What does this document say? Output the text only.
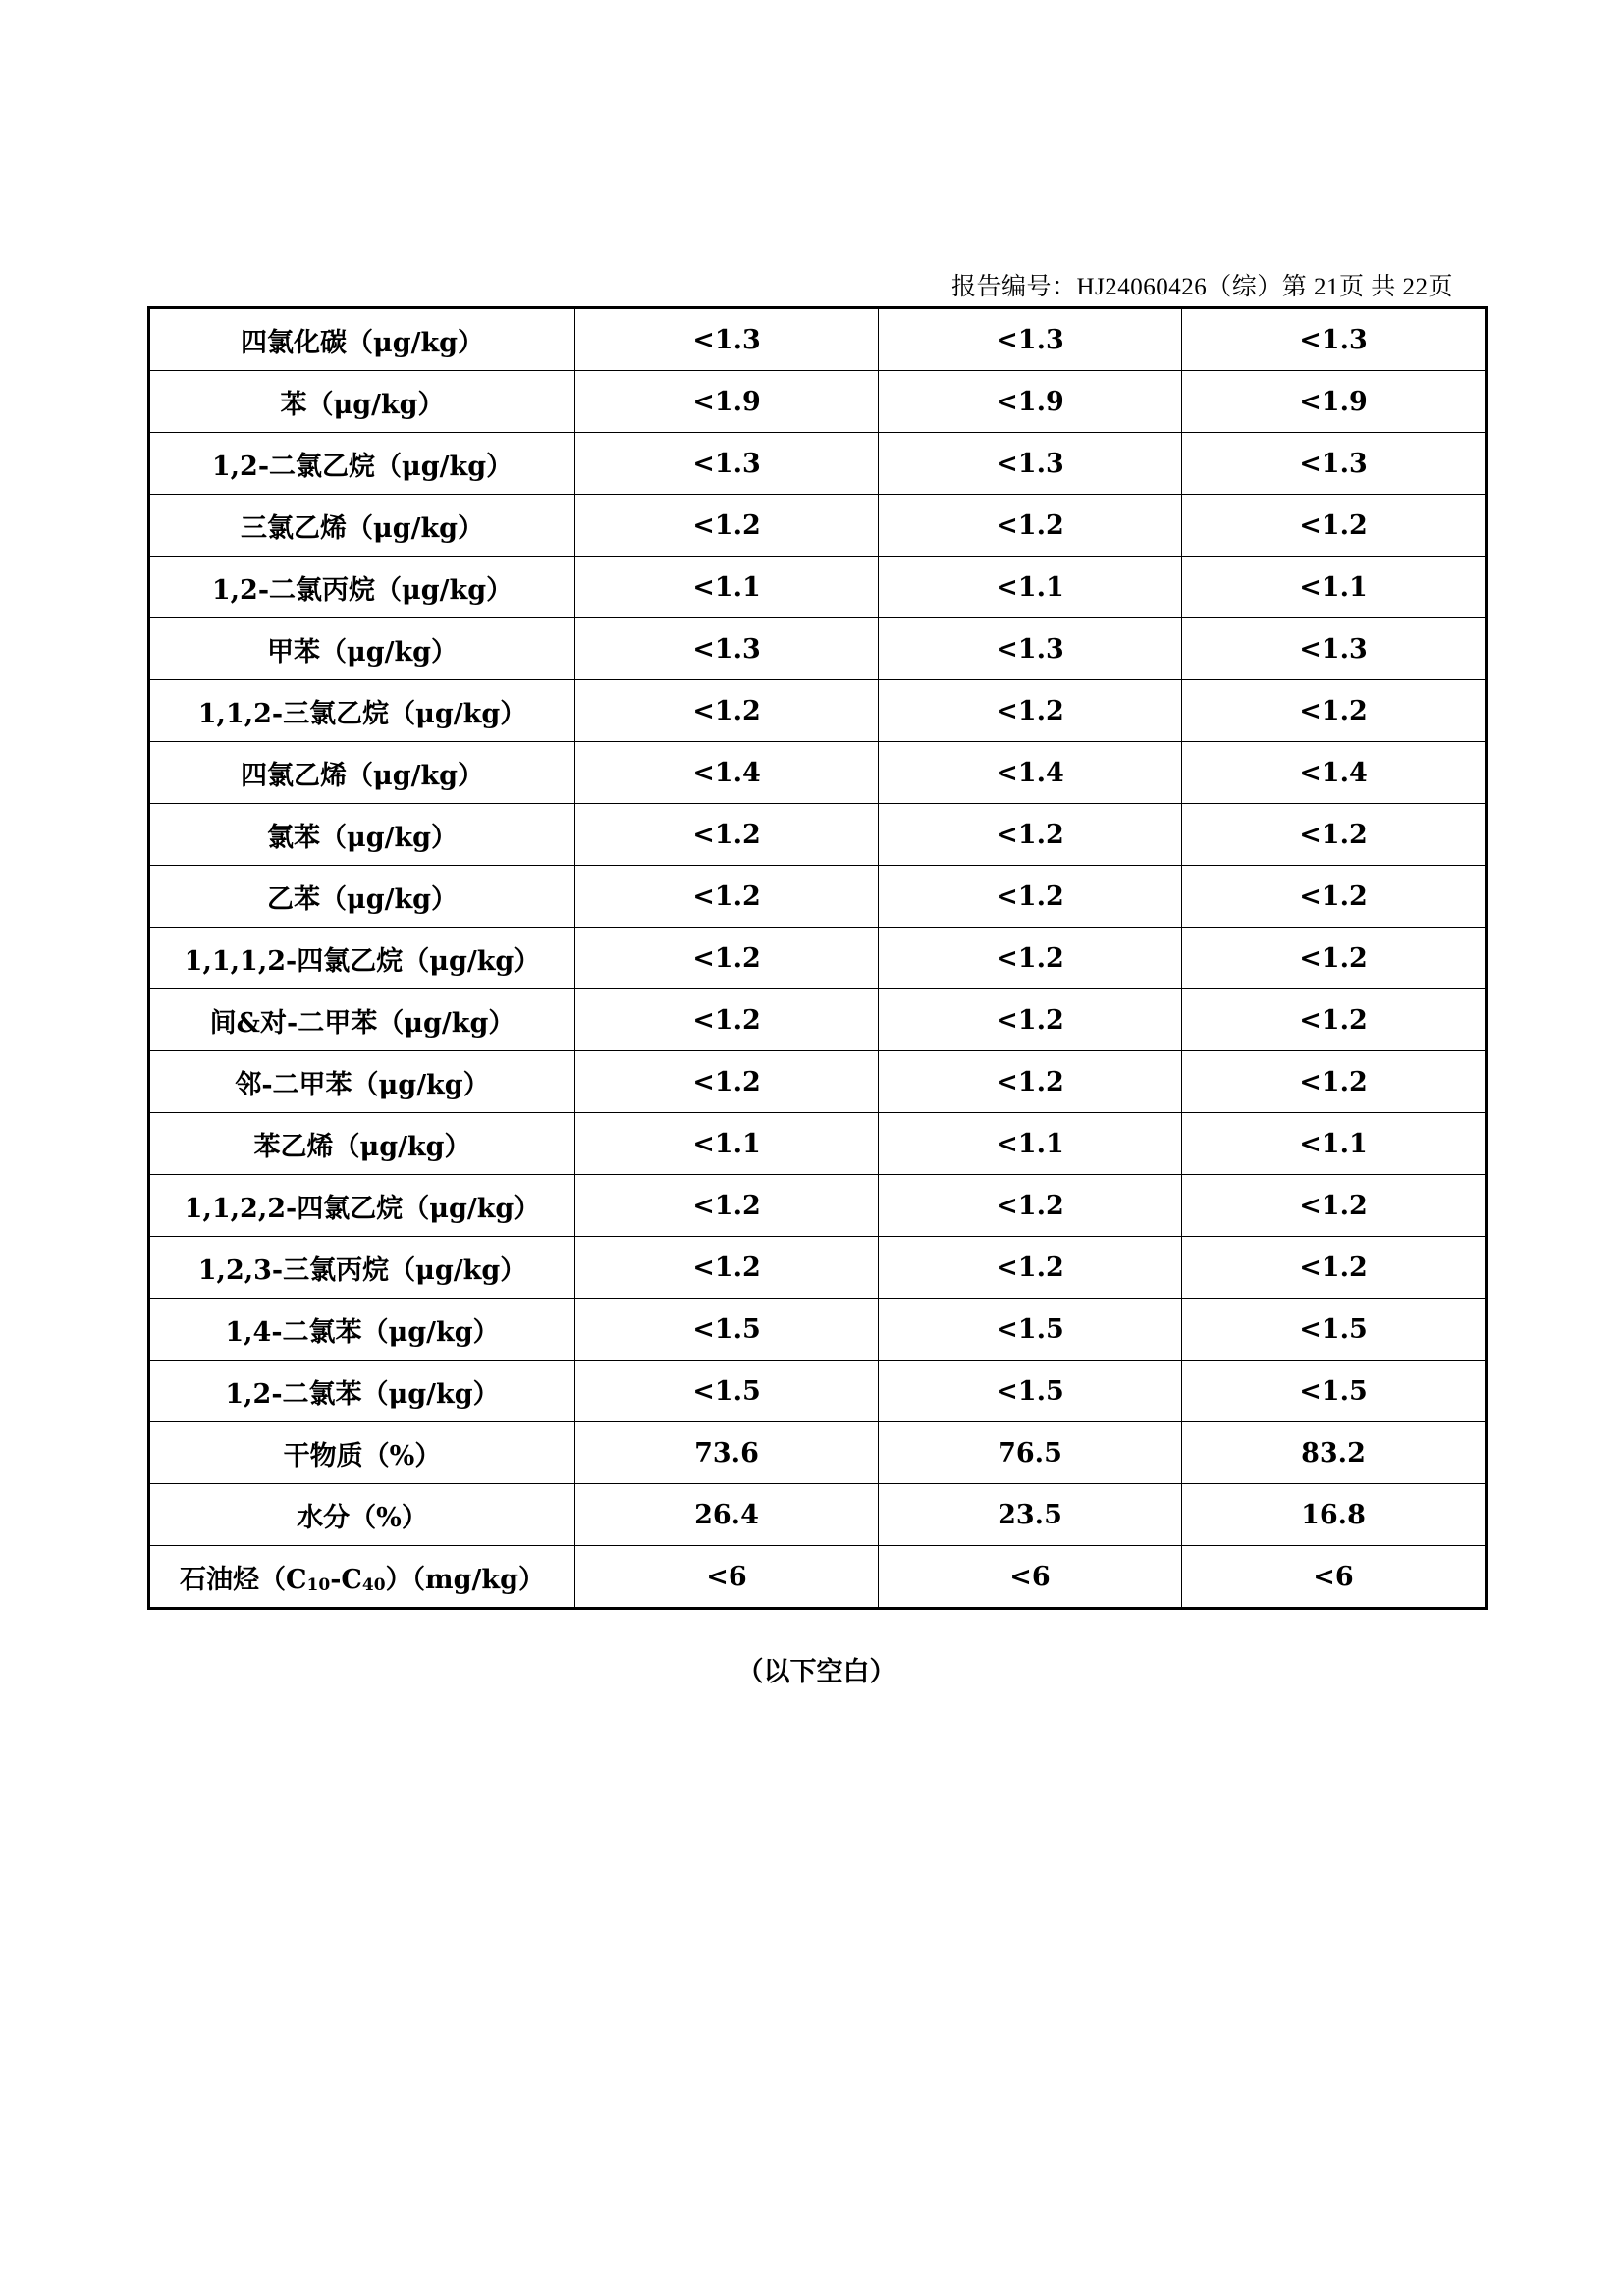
报告编号：HJ24060426（综）第 21页 共 22页
四氯化碳（μg/kg）	<1.3	<1.3	<1.3
苯（μg/kg）	<1.9	<1.9	<1.9
1,2-二氯乙烷（μg/kg）	<1.3	<1.3	<1.3
三氯乙烯（μg/kg）	<1.2	<1.2	<1.2
1,2-二氯丙烷（μg/kg）	<1.1	<1.1	<1.1
甲苯（μg/kg）	<1.3	<1.3	<1.3
1,1,2-三氯乙烷（μg/kg）	<1.2	<1.2	<1.2
四氯乙烯（μg/kg）	<1.4	<1.4	<1.4
氯苯（μg/kg）	<1.2	<1.2	<1.2
乙苯（μg/kg）	<1.2	<1.2	<1.2
1,1,1,2-四氯乙烷（μg/kg）	<1.2	<1.2	<1.2
间&对-二甲苯（μg/kg）	<1.2	<1.2	<1.2
邻-二甲苯（μg/kg）	<1.2	<1.2	<1.2
苯乙烯（μg/kg）	<1.1	<1.1	<1.1
1,1,2,2-四氯乙烷（μg/kg）	<1.2	<1.2	<1.2
1,2,3-三氯丙烷（μg/kg）	<1.2	<1.2	<1.2
1,4-二氯苯（μg/kg）	<1.5	<1.5	<1.5
1,2-二氯苯（μg/kg）	<1.5	<1.5	<1.5
干物质（%）	73.6	76.5	83.2
水分（%）	26.4	23.5	16.8
石油烃$(C_{10}-C_{40})(mg/kg)$	<6	<6	<6
（以下空白）
